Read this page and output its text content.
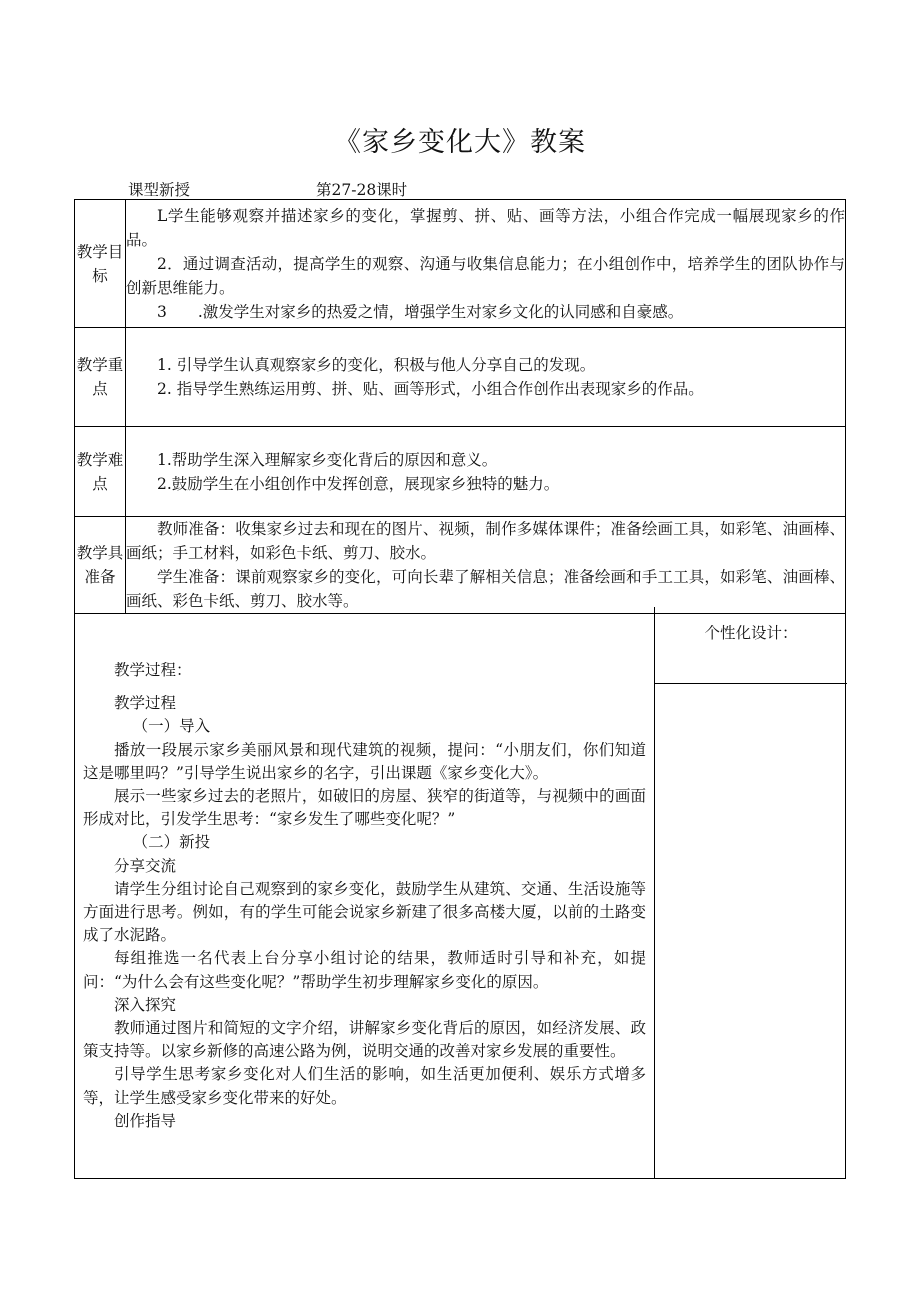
《家乡变化大》教案
课型新授	第27-28课时
教学目标	L学生能够观察并描述家乡的变化，掌握剪、拼、贴、画等方法，小组合作完成一幅展现家乡的作品。

2．通过调查活动，提高学生的观察、沟通与收集信息能力；在小组创作中，培养学生的团队协作与创新思维能力。

3　　.激发学生对家乡的热爱之情，增强学生对家乡文化的认同感和自豪感。

教学重点	1. 引导学生认真观察家乡的变化，积极与他人分享自己的发现。

2. 指导学生熟练运用剪、拼、贴、画等形式，小组合作创作出表现家乡的作品。

教学难点	1.帮助学生深入理解家乡变化背后的原因和意义。

2.鼓励学生在小组创作中发挥创意，展现家乡独特的魅力。

教学具准备	教师准备：收集家乡过去和现在的图片、视频，制作多媒体课件；准备绘画工具，如彩笔、油画棒、画纸；手工材料，如彩色卡纸、剪刀、胶水。

学生准备：课前观察家乡的变化，可向长辈了解相关信息；准备绘画和手工工具，如彩笔、油画棒、画纸、彩色卡纸、剪刀、胶水等。

教学过程：

教学过程

（一）导入

播放一段展示家乡美丽风景和现代建筑的视频，提问：“小朋友们，你们知道这是哪里吗？”引导学生说出家乡的名字，引出课题《家乡变化大》。

展示一些家乡过去的老照片，如破旧的房屋、狭窄的街道等，与视频中的画面形成对比，引发学生思考：“家乡发生了哪些变化呢？”

（二）新投

分享交流

请学生分组讨论自己观察到的家乡变化，鼓励学生从建筑、交通、生活设施等方面进行思考。例如，有的学生可能会说家乡新建了很多高楼大厦，以前的土路变成了水泥路。

每组推选一名代表上台分享小组讨论的结果，教师适时引导和补充，如提问：“为什么会有这些变化呢？”帮助学生初步理解家乡变化的原因。

深入探究

教师通过图片和简短的文字介绍，讲解家乡变化背后的原因，如经济发展、政策支持等。以家乡新修的高速公路为例，说明交通的改善对家乡发展的重要性。

引导学生思考家乡变化对人们生活的影响，如生活更加便利、娱乐方式增多等，让学生感受家乡变化带来的好处。

创作指导

个性化设计：
